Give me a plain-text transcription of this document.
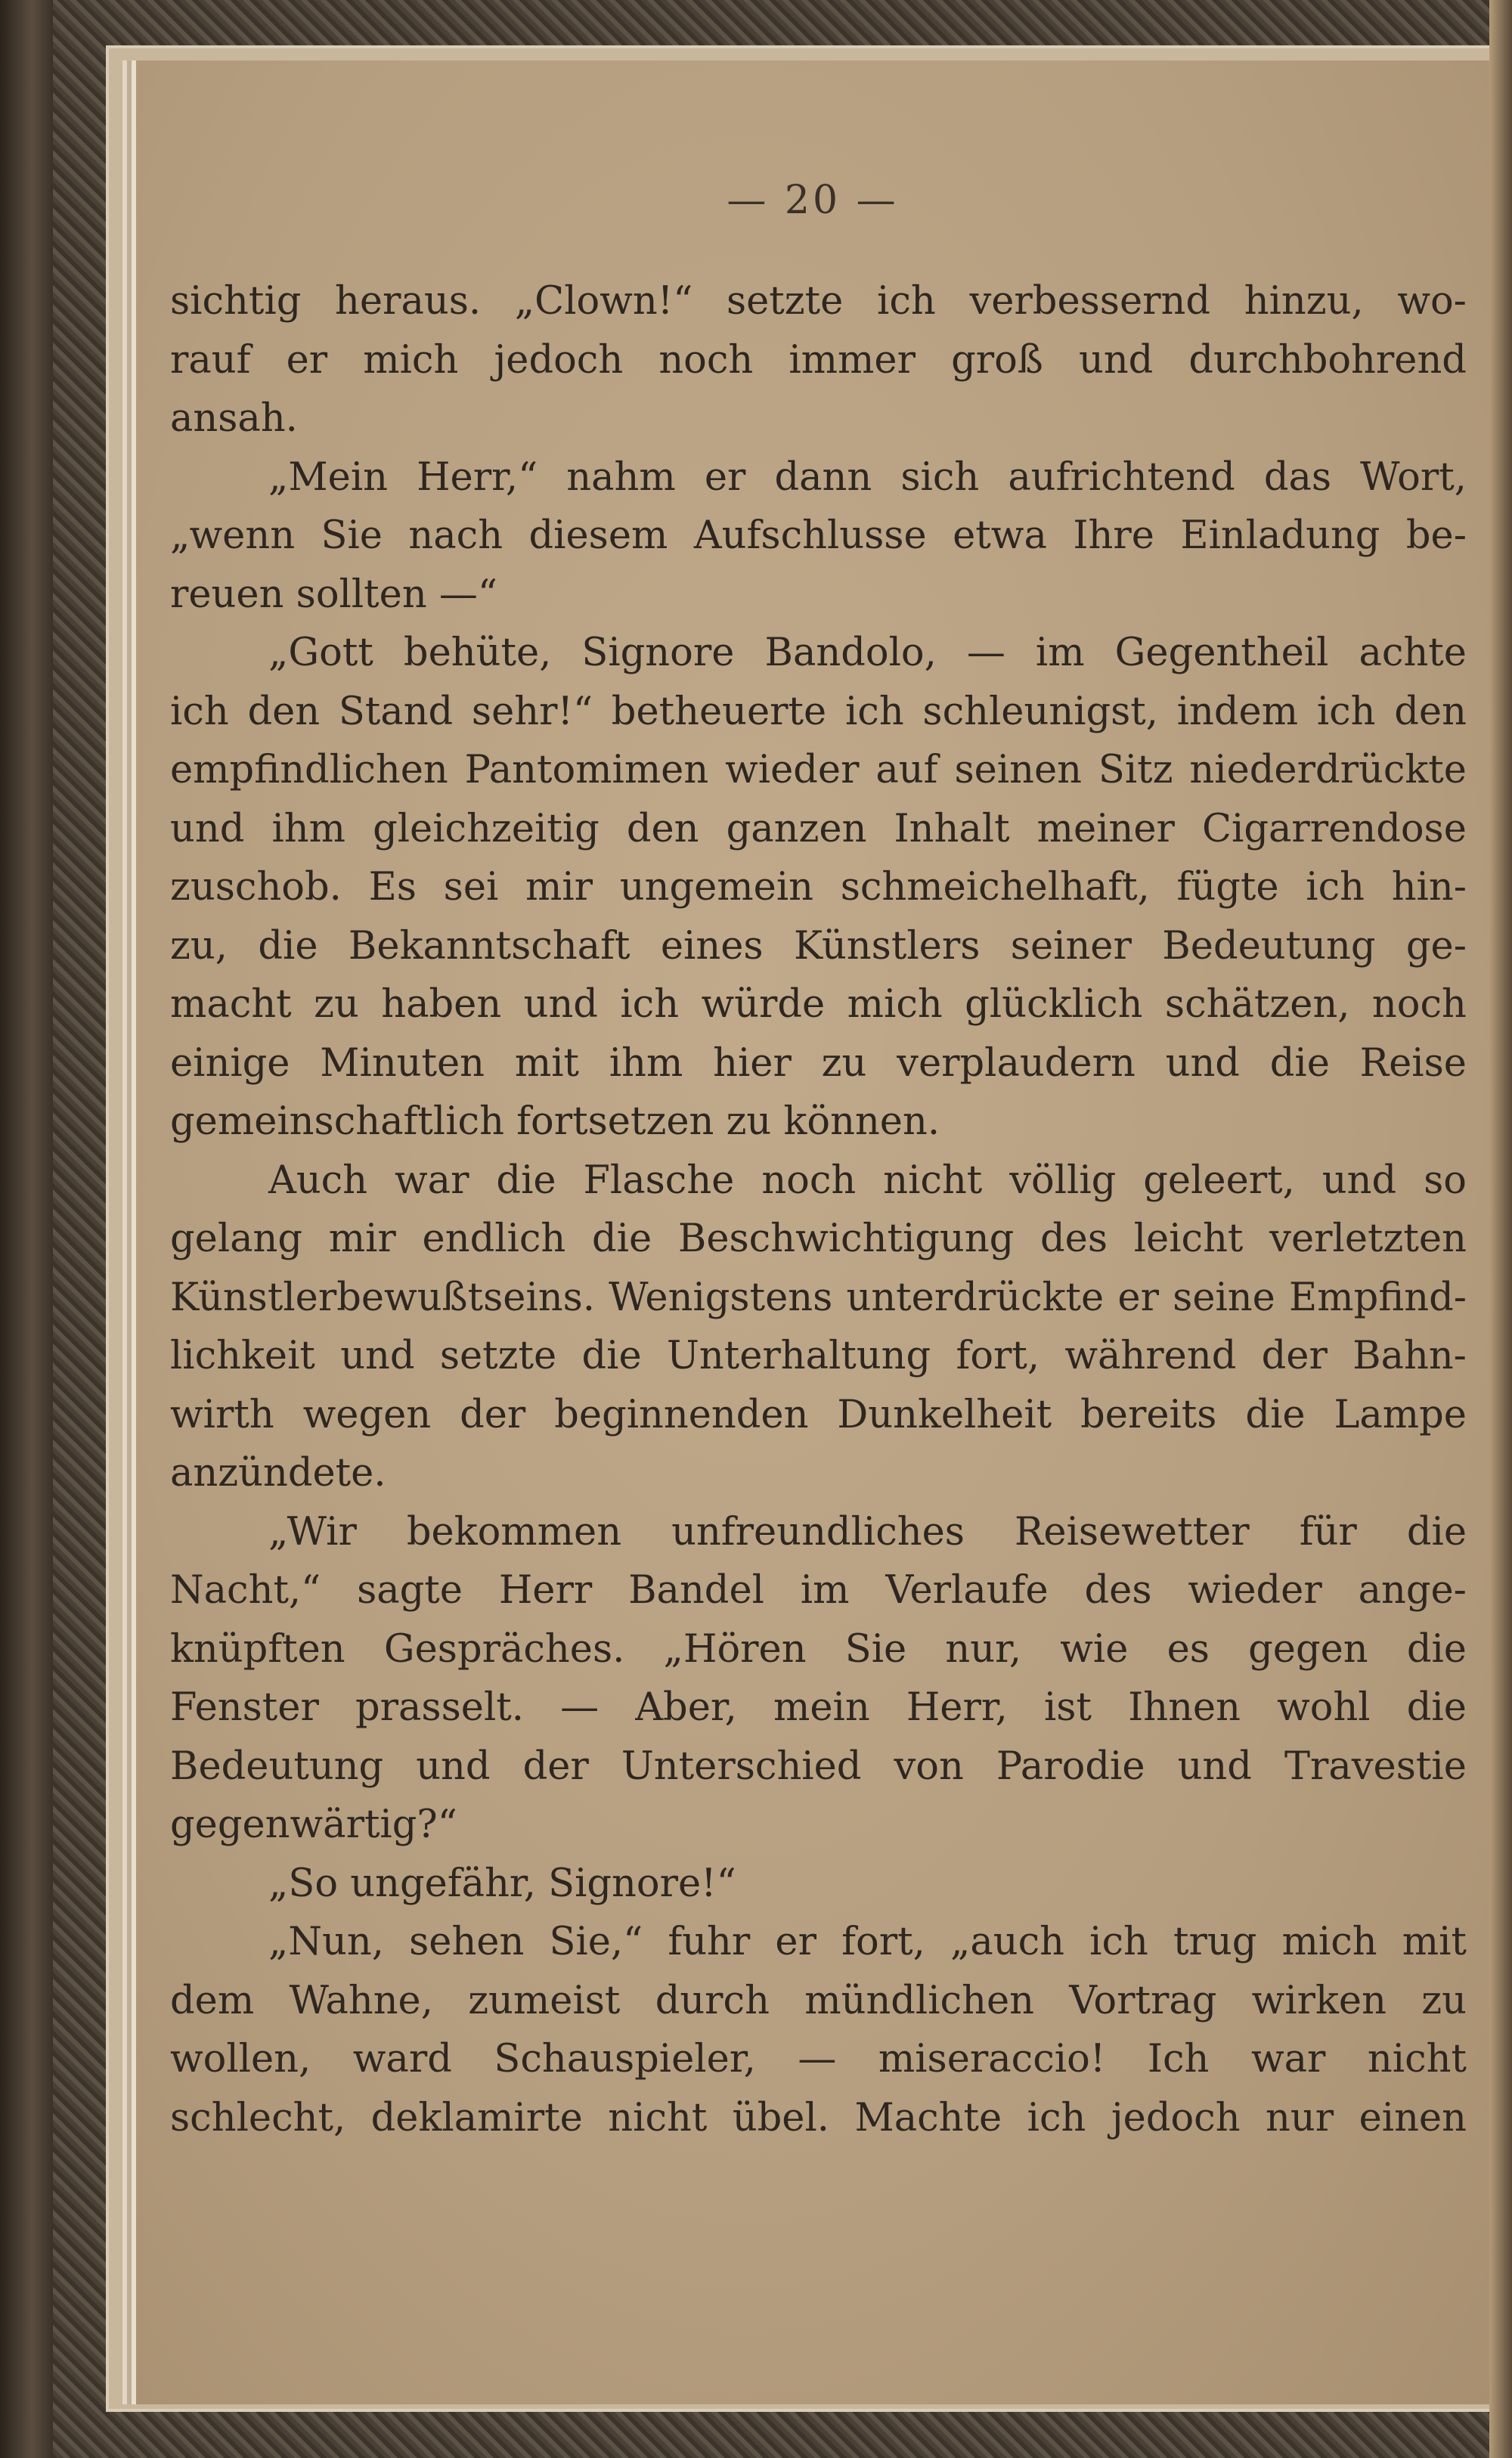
— 20 —
sichtig heraus. „Clown!“ setzte ich verbessernd hinzu, wo-
rauf er mich jedoch noch immer groß und durchbohrend
ansah.
„Mein Herr,“ nahm er dann sich aufrichtend das Wort,
„wenn Sie nach diesem Aufschlusse etwa Ihre Einladung be-
reuen sollten —“
„Gott behüte, Signore Bandolo, — im Gegentheil achte
ich den Stand sehr!“ betheuerte ich schleunigst, indem ich den
empfindlichen Pantomimen wieder auf seinen Sitz niederdrückte
und ihm gleichzeitig den ganzen Inhalt meiner Cigarrendose
zuschob. Es sei mir ungemein schmeichelhaft, fügte ich hin-
zu, die Bekanntschaft eines Künstlers seiner Bedeutung ge-
macht zu haben und ich würde mich glücklich schätzen, noch
einige Minuten mit ihm hier zu verplaudern und die Reise
gemeinschaftlich fortsetzen zu können.
Auch war die Flasche noch nicht völlig geleert, und so
gelang mir endlich die Beschwichtigung des leicht verletzten
Künstlerbewußtseins. Wenigstens unterdrückte er seine Empfind-
lichkeit und setzte die Unterhaltung fort, während der Bahn-
wirth wegen der beginnenden Dunkelheit bereits die Lampe
anzündete.
„Wir bekommen unfreundliches Reisewetter für die
Nacht,“ sagte Herr Bandel im Verlaufe des wieder ange-
knüpften Gespräches. „Hören Sie nur, wie es gegen die
Fenster prasselt. — Aber, mein Herr, ist Ihnen wohl die
Bedeutung und der Unterschied von Parodie und Travestie
gegenwärtig?“
„So ungefähr, Signore!“
„Nun, sehen Sie,“ fuhr er fort, „auch ich trug mich mit
dem Wahne, zumeist durch mündlichen Vortrag wirken zu
wollen, ward Schauspieler, — miseraccio! Ich war nicht
schlecht, deklamirte nicht übel. Machte ich jedoch nur einen
